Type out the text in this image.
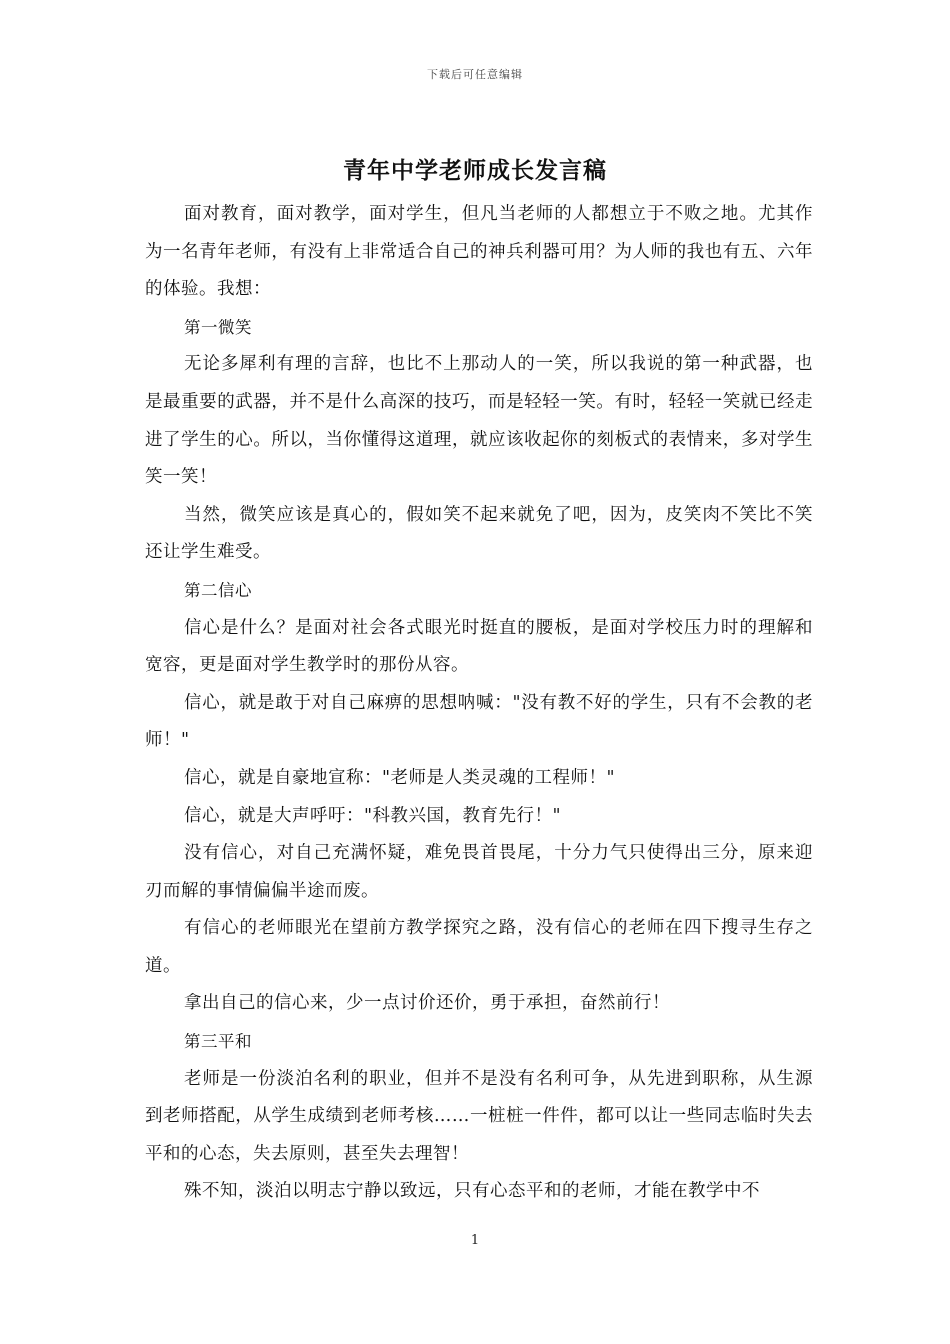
下载后可任意编辑
青年中学老师成长发言稿

面对教育，面对教学，面对学生，但凡当老师的人都想立于不败之地。尤其作为一名青年老师，有没有上非常适合自己的神兵利器可用？为人师的我也有五、六年的体验。我想：

第一微笑

无论多犀利有理的言辞，也比不上那动人的一笑，所以我说的第一种武器，也是最重要的武器，并不是什么高深的技巧，而是轻轻一笑。有时，轻轻一笑就已经走进了学生的心。所以，当你懂得这道理，就应该收起你的刻板式的表情来，多对学生笑一笑！

当然，微笑应该是真心的，假如笑不起来就免了吧，因为，皮笑肉不笑比不笑还让学生难受。

第二信心

信心是什么？是面对社会各式眼光时挺直的腰板，是面对学校压力时的理解和宽容，更是面对学生教学时的那份从容。

信心，就是敢于对自己麻痹的思想呐喊："没有教不好的学生，只有不会教的老师！"

信心，就是自豪地宣称："老师是人类灵魂的工程师！"

信心，就是大声呼吁："科教兴国，教育先行！"

没有信心，对自己充满怀疑，难免畏首畏尾，十分力气只使得出三分，原来迎刃而解的事情偏偏半途而废。

有信心的老师眼光在望前方教学探究之路，没有信心的老师在四下搜寻生存之道。

拿出自己的信心来，少一点讨价还价，勇于承担，奋然前行！

第三平和

老师是一份淡泊名利的职业，但并不是没有名利可争，从先进到职称，从生源到老师搭配，从学生成绩到老师考核……一桩桩一件件，都可以让一些同志临时失去平和的心态，失去原则，甚至失去理智！

殊不知，淡泊以明志宁静以致远，只有心态平和的老师，才能在教学中不

1
